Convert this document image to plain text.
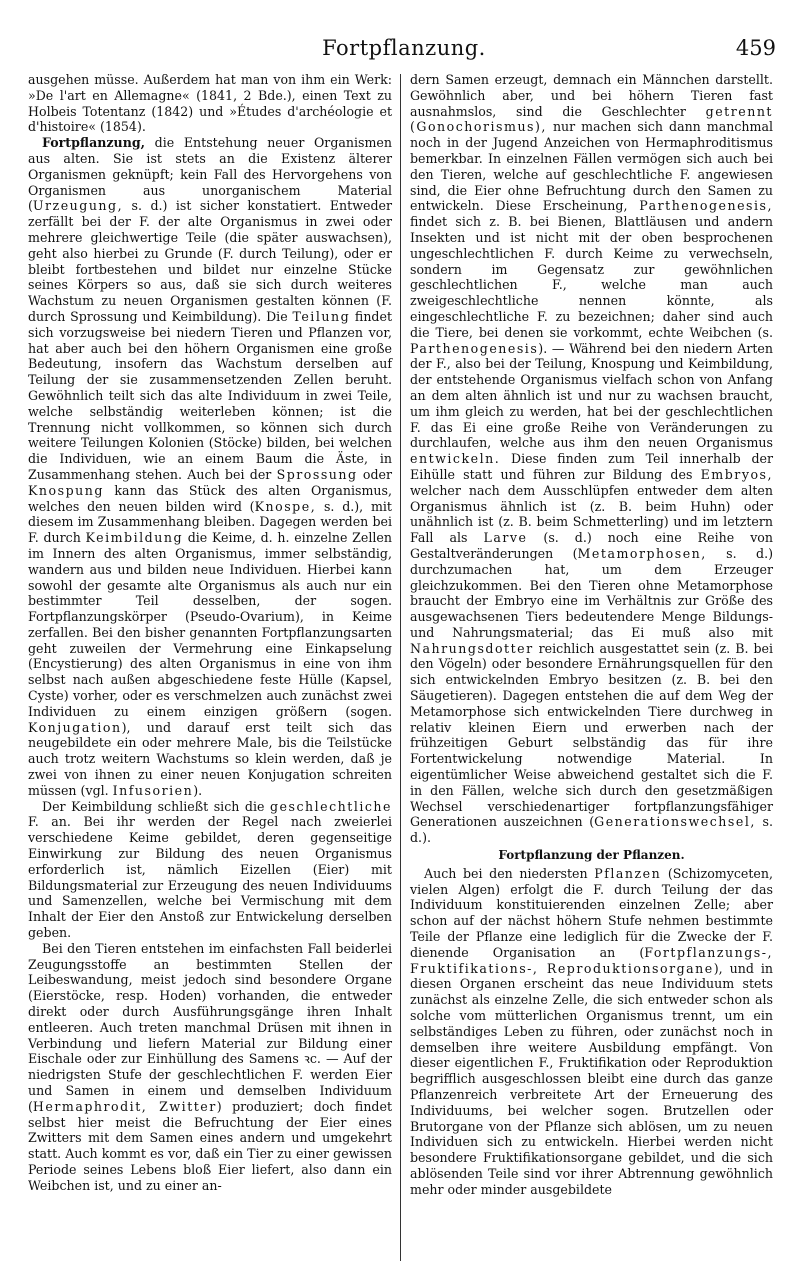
Fortpflanzung.	459

ausgehen müsse. Außerdem hat man von ihm ein Werk: »De l'art en Allemagne« (1841, 2 Bde.), einen Text zu Holbeis Totentanz (1842) und »Études d'archéologie et d'histoire« (1854).

Fortpflanzung, die Entstehung neuer Organismen aus alten. Sie ist stets an die Existenz älterer Organismen geknüpft; kein Fall des Hervorgehens von Organismen aus unorganischem Material (Urzeugung, s. d.) ist sicher konstatiert. Entweder zerfällt bei der F. der alte Organismus in zwei oder mehrere gleichwertige Teile (die später auswachsen), geht also hierbei zu Grunde (F. durch Teilung), oder er bleibt fortbestehen und bildet nur einzelne Stücke seines Körpers so aus, daß sie sich durch weiteres Wachstum zu neuen Organismen gestalten können (F. durch Sprossung und Keimbildung). Die Teilung findet sich vorzugsweise bei niedern Tieren und Pflanzen vor, hat aber auch bei den höhern Organismen eine große Bedeutung, insofern das Wachstum derselben auf Teilung der sie zusammensetzenden Zellen beruht. Gewöhnlich teilt sich das alte Individuum in zwei Teile, welche selbständig weiterleben können; ist die Trennung nicht vollkommen, so können sich durch weitere Teilungen Kolonien (Stöcke) bilden, bei welchen die Individuen, wie an einem Baum die Äste, in Zusammenhang stehen. Auch bei der Sprossung oder Knospung kann das Stück des alten Organismus, welches den neuen bilden wird (Knospe, s. d.), mit diesem im Zusammenhang bleiben. Dagegen werden bei F. durch Keimbildung die Keime, d. h. einzelne Zellen im Innern des alten Organismus, immer selbständig, wandern aus und bilden neue Individuen. Hierbei kann sowohl der gesamte alte Organismus als auch nur ein bestimmter Teil desselben, der sogen. Fortpflanzungskörper (Pseudo-Ovarium), in Keime zerfallen. Bei den bisher genannten Fortpflanzungsarten geht zuweilen der Vermehrung eine Einkapselung (Encystierung) des alten Organismus in eine von ihm selbst nach außen abgeschiedene feste Hülle (Kapsel, Cyste) vorher, oder es verschmelzen auch zunächst zwei Individuen zu einem einzigen größern (sogen. Konjugation), und darauf erst teilt sich das neugebildete ein oder mehrere Male, bis die Teilstücke auch trotz weitern Wachstums so klein werden, daß je zwei von ihnen zu einer neuen Konjugation schreiten müssen (vgl. Infusorien).

Der Keimbildung schließt sich die geschlechtliche F. an. Bei ihr werden der Regel nach zweierlei verschiedene Keime gebildet, deren gegenseitige Einwirkung zur Bildung des neuen Organismus erforderlich ist, nämlich Eizellen (Eier) mit Bildungsmaterial zur Erzeugung des neuen Individuums und Samenzellen, welche bei Vermischung mit dem Inhalt der Eier den Anstoß zur Entwickelung derselben geben.

Bei den Tieren entstehen im einfachsten Fall beiderlei Zeugungsstoffe an bestimmten Stellen der Leibeswandung, meist jedoch sind besondere Organe (Eierstöcke, resp. Hoden) vorhanden, die entweder direkt oder durch Ausführungsgänge ihren Inhalt entleeren. Auch treten manchmal Drüsen mit ihnen in Verbindung und liefern Material zur Bildung einer Eischale oder zur Einhüllung des Samens ꝛc. — Auf der niedrigsten Stufe der geschlechtlichen F. werden Eier und Samen in einem und demselben Individuum (Hermaphrodit, Zwitter) produziert; doch findet selbst hier meist die Befruchtung der Eier eines Zwitters mit dem Samen eines andern und umgekehrt statt. Auch kommt es vor, daß ein Tier zu einer gewissen Periode seines Lebens bloß Eier liefert, also dann ein Weibchen ist, und zu einer an-

dern Samen erzeugt, demnach ein Männchen darstellt. Gewöhnlich aber, und bei höhern Tieren fast ausnahmslos, sind die Geschlechter getrennt (Gonochorismus), nur machen sich dann manchmal noch in der Jugend Anzeichen von Hermaphroditismus bemerkbar. In einzelnen Fällen vermögen sich auch bei den Tieren, welche auf geschlechtliche F. angewiesen sind, die Eier ohne Befruchtung durch den Samen zu entwickeln. Diese Erscheinung, Parthenogenesis, findet sich z. B. bei Bienen, Blattläusen und andern Insekten und ist nicht mit der oben besprochenen ungeschlechtlichen F. durch Keime zu verwechseln, sondern im Gegensatz zur gewöhnlichen geschlechtlichen F., welche man auch zweigeschlechtliche nennen könnte, als eingeschlechtliche F. zu bezeichnen; daher sind auch die Tiere, bei denen sie vorkommt, echte Weibchen (s. Parthenogenesis). — Während bei den niedern Arten der F., also bei der Teilung, Knospung und Keimbildung, der entstehende Organismus vielfach schon von Anfang an dem alten ähnlich ist und nur zu wachsen braucht, um ihm gleich zu werden, hat bei der geschlechtlichen F. das Ei eine große Reihe von Veränderungen zu durchlaufen, welche aus ihm den neuen Organismus entwickeln. Diese finden zum Teil innerhalb der Eihülle statt und führen zur Bildung des Embryos, welcher nach dem Ausschlüpfen entweder dem alten Organismus ähnlich ist (z. B. beim Huhn) oder unähnlich ist (z. B. beim Schmetterling) und im letztern Fall als Larve (s. d.) noch eine Reihe von Gestaltveränderungen (Metamorphosen, s. d.) durchzumachen hat, um dem Erzeuger gleichzukommen. Bei den Tieren ohne Metamorphose braucht der Embryo eine im Verhältnis zur Größe des ausgewachsenen Tiers bedeutendere Menge Bildungs- und Nahrungsmaterial; das Ei muß also mit Nahrungsdotter reichlich ausgestattet sein (z. B. bei den Vögeln) oder besondere Ernährungsquellen für den sich entwickelnden Embryo besitzen (z. B. bei den Säugetieren). Dagegen entstehen die auf dem Weg der Metamorphose sich entwickelnden Tiere durchweg in relativ kleinen Eiern und erwerben nach der frühzeitigen Geburt selbständig das für ihre Fortentwickelung notwendige Material. In eigentümlicher Weise abweichend gestaltet sich die F. in den Fällen, welche sich durch den gesetzmäßigen Wechsel verschiedenartiger fortpflanzungsfähiger Generationen auszeichnen (Generationswechsel, s. d.).

Fortpflanzung der Pflanzen.

Auch bei den niedersten Pflanzen (Schizomyceten, vielen Algen) erfolgt die F. durch Teilung der das Individuum konstituierenden einzelnen Zelle; aber schon auf der nächst höhern Stufe nehmen bestimmte Teile der Pflanze eine lediglich für die Zwecke der F. dienende Organisation an (Fortpflanzungs-, Fruktifikations-, Reproduktionsorgane), und in diesen Organen erscheint das neue Individuum stets zunächst als einzelne Zelle, die sich entweder schon als solche vom mütterlichen Organismus trennt, um ein selbständiges Leben zu führen, oder zunächst noch in demselben ihre weitere Ausbildung empfängt. Von dieser eigentlichen F., Fruktifikation oder Reproduktion begrifflich ausgeschlossen bleibt eine durch das ganze Pflanzenreich verbreitete Art der Erneuerung des Individuums, bei welcher sogen. Brutzellen oder Brutorgane von der Pflanze sich ablösen, um zu neuen Individuen sich zu entwickeln. Hierbei werden nicht besondere Fruktifikationsorgane gebildet, und die sich ablösenden Teile sind vor ihrer Abtrennung gewöhnlich mehr oder minder ausgebildete
